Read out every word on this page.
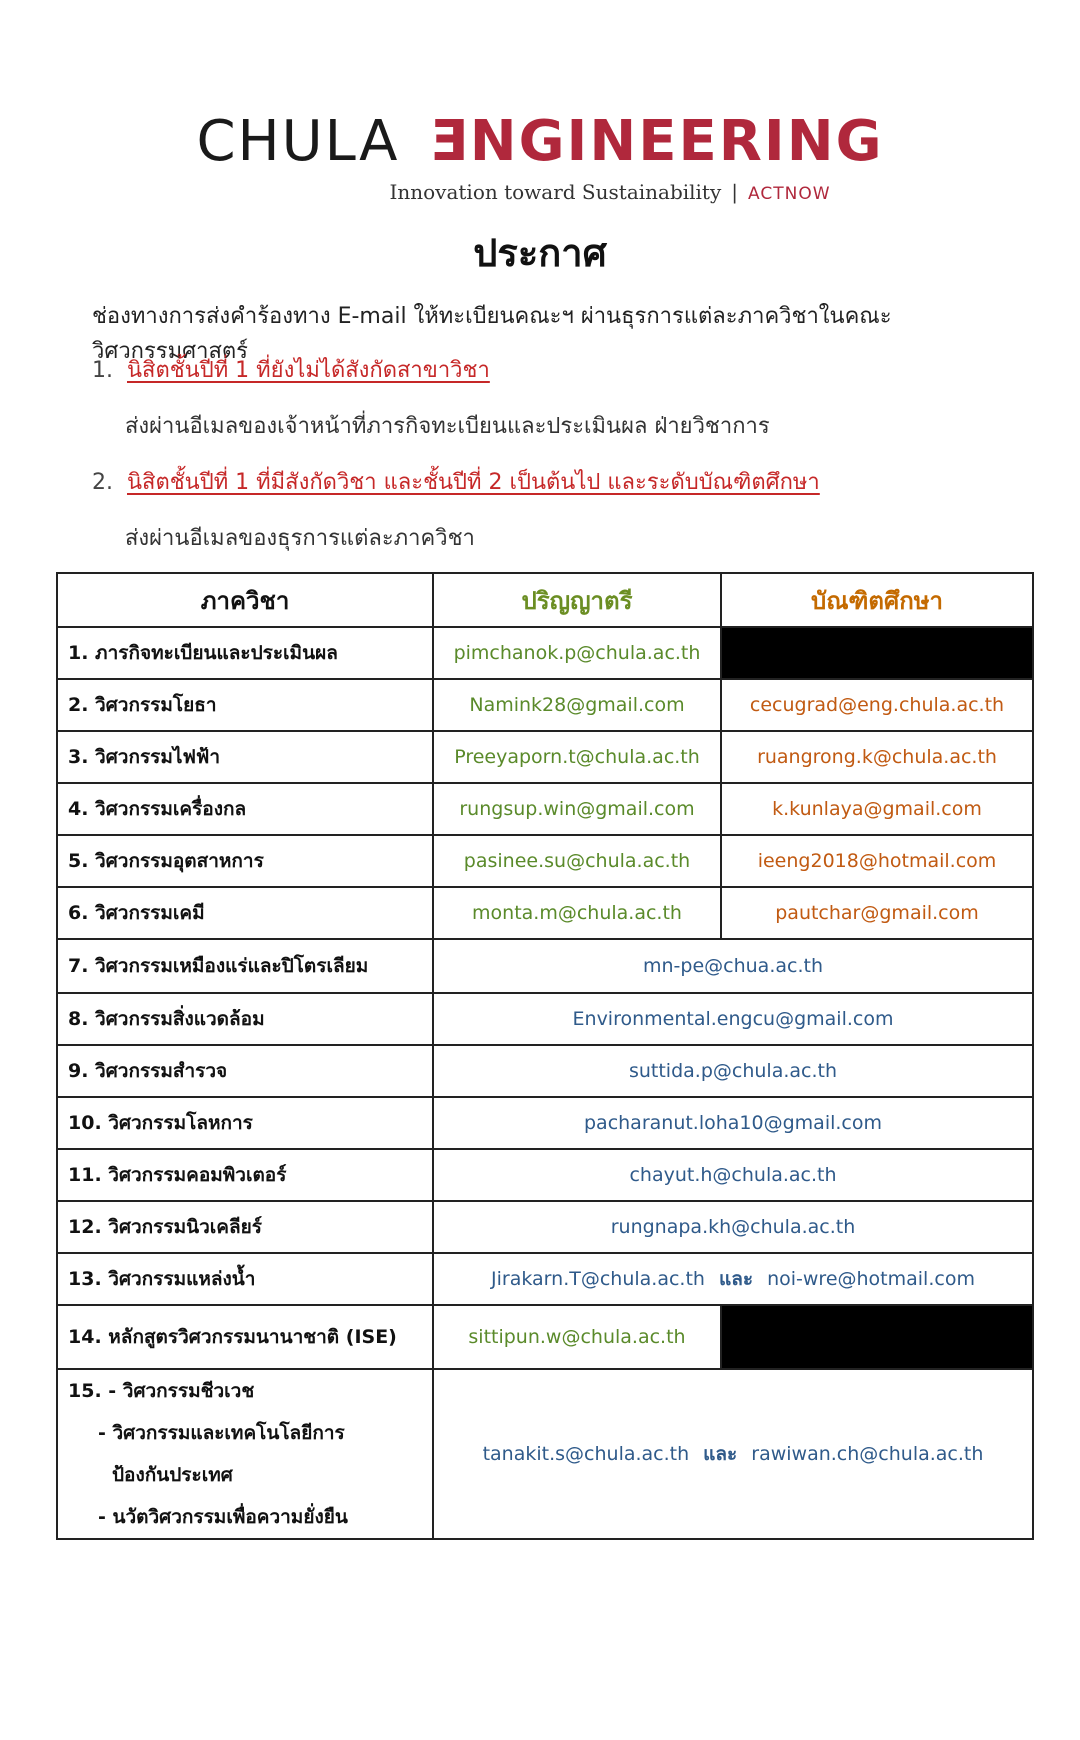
CHULA ƎNGINEERING
Innovation toward Sustainability | ACTNOW
ประกาศ
ช่องทางการส่งคำร้องทาง E-mail ให้ทะเบียนคณะฯ ผ่านธุรการแต่ละภาควิชาในคณะวิศวกรรมศาสตร์
1. นิสิตชั้นปีที่ 1 ที่ยังไม่ได้สังกัดสาขาวิชา
ส่งผ่านอีเมลของเจ้าหน้าที่ภารกิจทะเบียนและประเมินผล ฝ่ายวิชาการ
2. นิสิตชั้นปีที่ 1 ที่มีสังกัดวิชา และชั้นปีที่ 2 เป็นต้นไป และระดับบัณฑิตศึกษา
ส่งผ่านอีเมลของธุรการแต่ละภาควิชา
ภาควิชา	ปริญญาตรี	บัณฑิตศึกษา
1. ภารกิจทะเบียนและประเมินผล	pimchanok.p@chula.ac.th	
2. วิศวกรรมโยธา	Namink28@gmail.com	cecugrad@eng.chula.ac.th
3. วิศวกรรมไฟฟ้า	Preeyaporn.t@chula.ac.th	ruangrong.k@chula.ac.th
4. วิศวกรรมเครื่องกล	rungsup.win@gmail.com	k.kunlaya@gmail.com
5. วิศวกรรมอุตสาหการ	pasinee.su@chula.ac.th	ieeng2018@hotmail.com
6. วิศวกรรมเคมี	monta.m@chula.ac.th	pautchar@gmail.com
7. วิศวกรรมเหมืองแร่และปิโตรเลียม	mn-pe@chua.ac.th	
8. วิศวกรรมสิ่งแวดล้อม	Environmental.engcu@gmail.com	
9. วิศวกรรมสำรวจ	suttida.p@chula.ac.th	
10. วิศวกรรมโลหการ	pacharanut.loha10@gmail.com	
11. วิศวกรรมคอมพิวเตอร์	chayut.h@chula.ac.th	
12. วิศวกรรมนิวเคลียร์	rungnapa.kh@chula.ac.th	
13. วิศวกรรมแหล่งน้ำ	Jirakarn.T@chula.ac.th และ noi-wre@hotmail.com	
14. หลักสูตรวิศวกรรมนานาชาติ (ISE)	sittipun.w@chula.ac.th	

15. - วิศวกรรมชีวเวช
- วิศวกรรมและเทคโนโลยีการ
ป้องกันประเทศ
- นวัตวิศวกรรมเพื่อความยั่งยืน	tanakit.s@chula.ac.th และ rawiwan.ch@chula.ac.th	
